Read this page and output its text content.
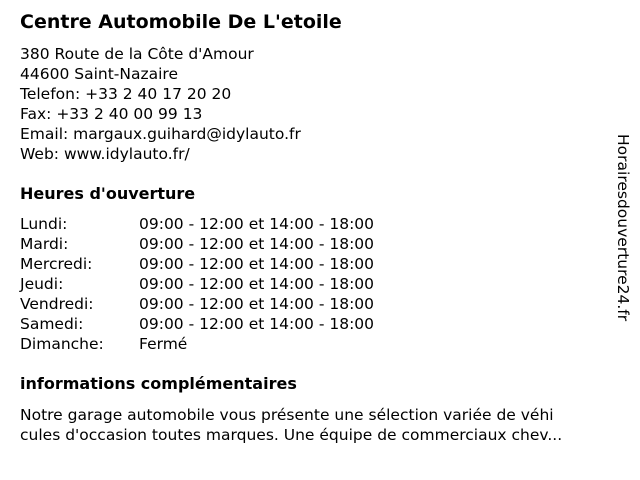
Centre Automobile De L'etoile
380 Route de la Côte d'Amour
44600 Saint-Nazaire
Telefon: +33 2 40 17 20 20
Fax: +33 2 40 00 99 13
Email: margaux.guihard@idylauto.fr
Web: www.idylauto.fr/
Heures d'ouverture
Lundi:	09:00 - 12:00 et 14:00 - 18:00
Mardi:	09:00 - 12:00 et 14:00 - 18:00
Mercredi:	09:00 - 12:00 et 14:00 - 18:00
Jeudi:	09:00 - 12:00 et 14:00 - 18:00
Vendredi:	09:00 - 12:00 et 14:00 - 18:00
Samedi:	09:00 - 12:00 et 14:00 - 18:00
Dimanche: Fermé
informations complémentaires
Notre garage automobile vous présente une sélection variée de véhi
cules d'occasion toutes marques. Une équipe de commerciaux chev...
Horairesdouverture24.fr
